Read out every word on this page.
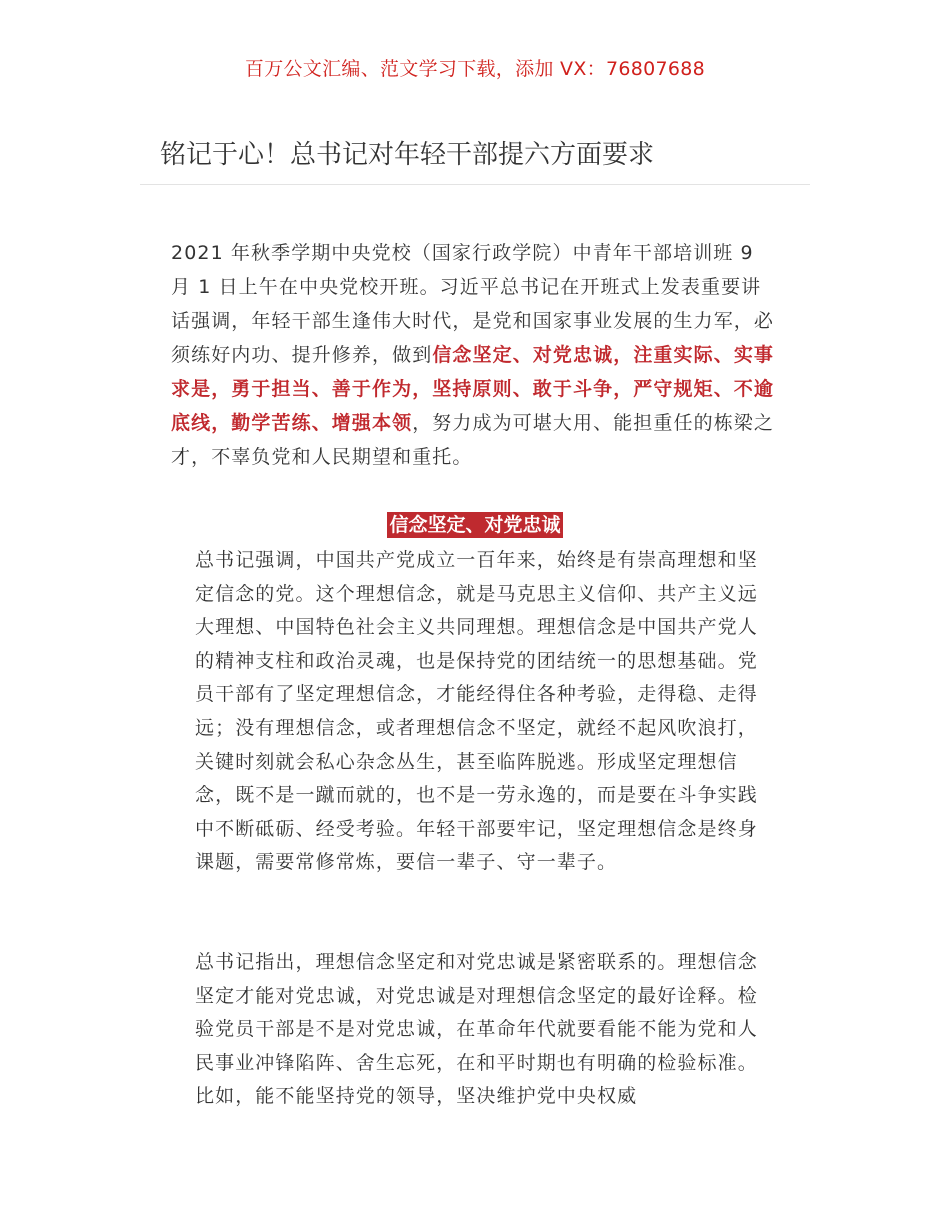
百万公文汇编、范文学习下载，添加 VX：76807688
铭记于心！总书记对年轻干部提六方面要求

2021 年秋季学期中央党校（国家行政学院）中青年干部培训班 9 月 1 日上午在中央党校开班。习近平总书记在开班式上发表重要讲话强调，年轻干部生逢伟大时代，是党和国家事业发展的生力军，必须练好内功、提升修养，做到信念坚定、对党忠诚，注重实际、实事求是，勇于担当、善于作为，坚持原则、敢于斗争，严守规矩、不逾底线，勤学苦练、增强本领，努力成为可堪大用、能担重任的栋梁之才，不辜负党和人民期望和重托。

信念坚定、对党忠诚

总书记强调，中国共产党成立一百年来，始终是有崇高理想和坚定信念的党。这个理想信念，就是马克思主义信仰、共产主义远大理想、中国特色社会主义共同理想。理想信念是中国共产党人的精神支柱和政治灵魂，也是保持党的团结统一的思想基础。党员干部有了坚定理想信念，才能经得住各种考验，走得稳、走得远；没有理想信念，或者理想信念不坚定，就经不起风吹浪打，关键时刻就会私心杂念丛生，甚至临阵脱逃。形成坚定理想信念，既不是一蹴而就的，也不是一劳永逸的，而是要在斗争实践中不断砥砺、经受考验。年轻干部要牢记，坚定理想信念是终身课题，需要常修常炼，要信一辈子、守一辈子。

总书记指出，理想信念坚定和对党忠诚是紧密联系的。理想信念坚定才能对党忠诚，对党忠诚是对理想信念坚定的最好诠释。检验党员干部是不是对党忠诚，在革命年代就要看能不能为党和人民事业冲锋陷阵、舍生忘死，在和平时期也有明确的检验标准。比如，能不能坚持党的领导，坚决维护党中央权威
